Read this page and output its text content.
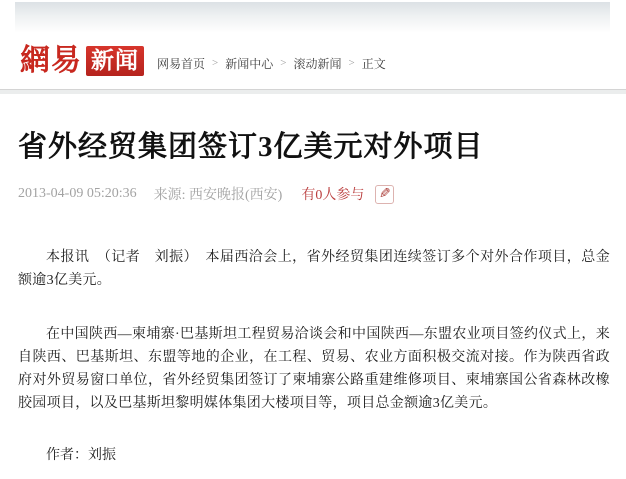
網易 新闻	网易首页 > 新闻中心 > 滚动新闻 > 正文
省外经贸集团签订3亿美元对外项目
2013-04-09 05:20:36 来源: 西安晚报(西安) 有0人参与 ✎

本报讯　（记者　刘振）　本届西洽会上，省外经贸集团连续签订多个对外合作项目，总金额逾3亿美元。

在中国陕西—柬埔寨·巴基斯坦工程贸易洽谈会和中国陕西—东盟农业项目签约仪式上，来自陕西、巴基斯坦、东盟等地的企业，在工程、贸易、农业方面积极交流对接。作为陕西省政府对外贸易窗口单位，省外经贸集团签订了柬埔寨公路重建维修项目、柬埔寨国公省森林改橡胶园项目，以及巴基斯坦黎明媒体集团大楼项目等，项目总金额逾3亿美元。

作者：刘振
